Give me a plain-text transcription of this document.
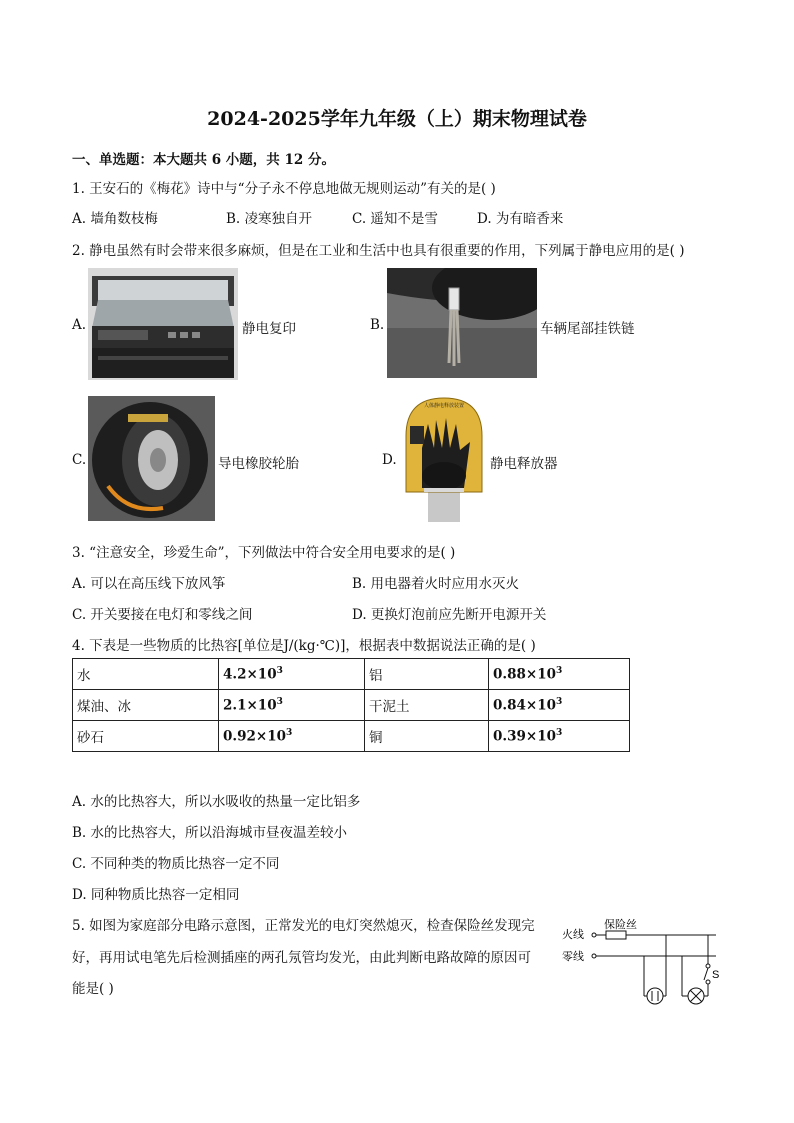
2024-2025学年九年级（上）期末物理试卷
一、单选题：本大题共 6 小题，共 12 分。
1. 王安石的《梅花》诗中与“分子永不停息地做无规则运动”有关的是( )
A. 墙角数枝梅	B. 凌寒独自开	C. 遥知不是雪	D. 为有暗香来
2. 静电虽然有时会带来很多麻烦，但是在工业和生活中也具有很重要的作用，下列属于静电应用的是( )
A.	静电复印	B.	车辆尾部挂铁链
C.	导电橡胶轮胎	D.
人体静电释放装置
静电释放器
3. “注意安全，珍爱生命”，下列做法中符合安全用电要求的是( )
A. 可以在高压线下放风筝	B. 用电器着火时应用水灭火
C. 开关要接在电灯和零线之间	D. 更换灯泡前应先断开电源开关
4. 下表是一些物质的比热容[单位是J/(kg·℃)]，根据表中数据说法正确的是( )
水	$4.2\times 10^3$	铝	$0.88\times 10^3$
煤油、冰	$2.1\times 10^3$	干泥土	$0.84\times 10^3$
砂石	$0.92\times 10^3$	铜	$0.39\times 10^3$
A. 水的比热容大，所以水吸收的热量一定比铝多
B. 水的比热容大，所以沿海城市昼夜温差较小
C. 不同种类的物质比热容一定不同
D. 同种物质比热容一定相同
5. 如图为家庭部分电路示意图，正常发光的电灯突然熄灭，检查保险丝发现完
好，再用试电笔先后检测插座的两孔氖管均发光，由此判断电路故障的原因可
能是( )
火线
零线
保险丝
S
